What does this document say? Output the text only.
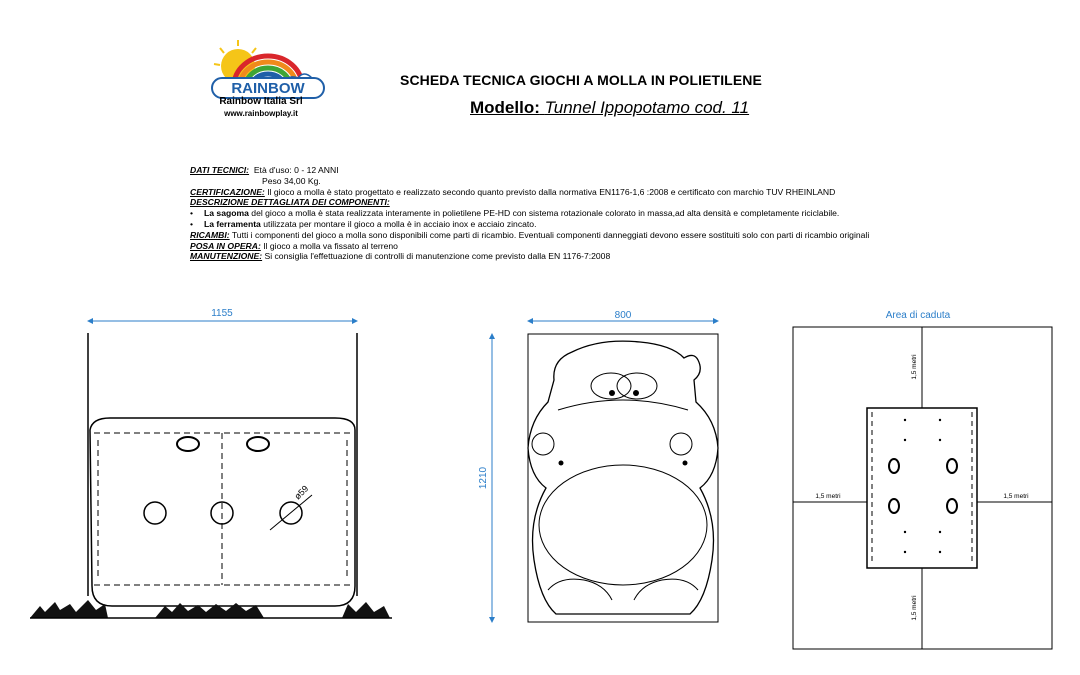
RAINBOW
Rainbow Italia Srl
www.rainbowplay.it
SCHEDA TECNICA GIOCHI A MOLLA IN POLIETILENE
Modello: Tunnel Ippopotamo cod. 11
DATI TECNICI: Età d'uso: 0 - 12 ANNI
Peso 34,00 Kg.
CERTIFICAZIONE: Il gioco a molla è stato progettato e realizzato secondo quanto previsto dalla normativa EN1176-1,6 :2008 e certificato con marchio TUV RHEINLAND
DESCRIZIONE DETTAGLIATA DEI COMPONENTI:
• La sagoma del gioco a molla è stata realizzata interamente in polietilene PE-HD con sistema rotazionale colorato in massa,ad alta densità e completamente riciclabile.
• La ferramenta utilizzata per montare il gioco a molla è in acciaio inox e acciaio zincato.
RICAMBI: Tutti i componenti del gioco a molla sono disponibili come parti di ricambio. Eventuali componenti danneggiati devono essere sostituiti solo con parti di ricambio originali
POSA IN OPERA: Il gioco a molla va fissato al terreno
MANUTENZIONE: Si consiglia l'effettuazione di controlli di manutenzione come previsto dalla EN 1176-7:2008
1155
ø59
800
1210
Area di caduta
1,5 metri
1,5 metri
1,5 metri	1,5 metri
